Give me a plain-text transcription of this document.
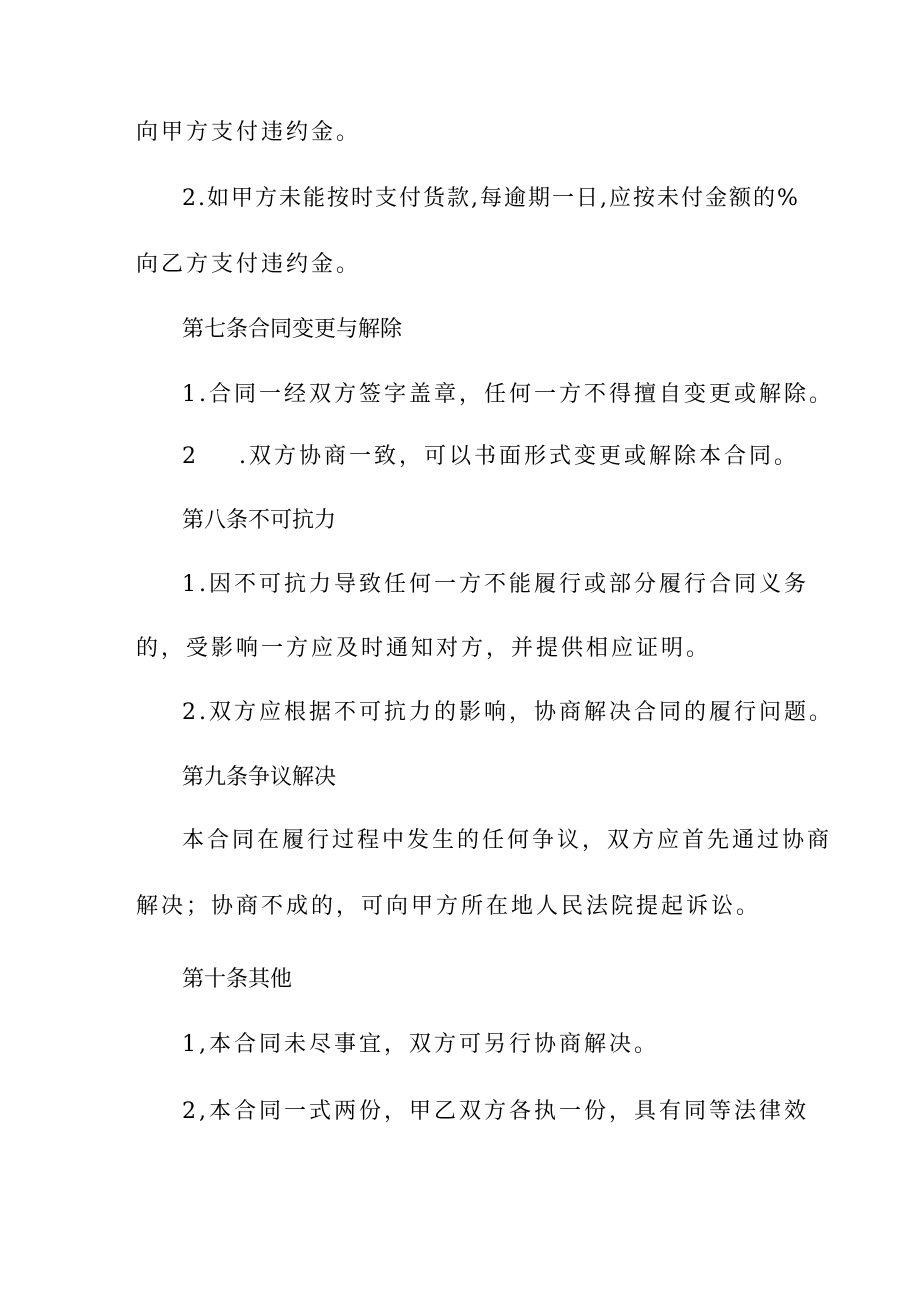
向甲方支付违约金。
2.如甲方未能按时支付货款,每逾期一日,应按未付金额的%
向乙方支付违约金。
第七条合同变更与解除
1.合同一经双方签字盖章，任何一方不得擅自变更或解除。
2 .双方协商一致，可以书面形式变更或解除本合同。
第八条不可抗力
1.因不可抗力导致任何一方不能履行或部分履行合同义务
的，受影响一方应及时通知对方，并提供相应证明。
2.双方应根据不可抗力的影响，协商解决合同的履行问题。
第九条争议解决
本合同在履行过程中发生的任何争议，双方应首先通过协商
解决；协商不成的，可向甲方所在地人民法院提起诉讼。
第十条其他
1,本合同未尽事宜，双方可另行协商解决。
2,本合同一式两份，甲乙双方各执一份，具有同等法律效
